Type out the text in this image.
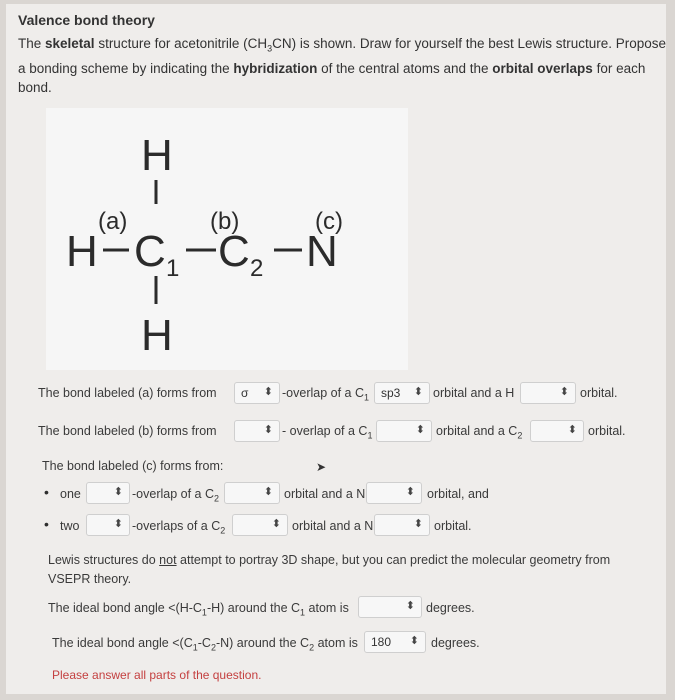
Valence bond theory
The skeletal structure for acetonitrile $(CH_3CN)$ is shown. Draw for yourself the best Lewis structure. Propose a bonding scheme by indicating the hybridization of the central atoms and the orbital overlaps for each bond.
H
(a)	(b)	(c)
H C 1 C 2 N
H
The bond labeled (a) forms from σ ⬍ -overlap of a $C_1$ sp3 ⬍ orbital and a H	⬍ orbital.
The bond labeled (b) forms from	⬍ - overlap of a $C_1$	⬍ orbital and a $C_2$	⬍ orbital.
The bond labeled (c) forms from:	➤
• one	⬍ -overlap of a $C_2$
⬍ orbital and a N	⬍ orbital, and
• two	⬍ -overlaps of a $C_2$
⬍ orbital and a N	⬍ orbital.
Lewis structures do not attempt to portray 3D shape, but you can predict the molecular geometry from VSEPR theory.
The ideal bond angle $<(H-C_1-H)$ around the $C_1$ atom is	⬍ degrees.
The ideal bond angle $<(C_1-C_2-N)$ around the $C_2$ atom is 180 ⬍ degrees.
Please answer all parts of the question.
